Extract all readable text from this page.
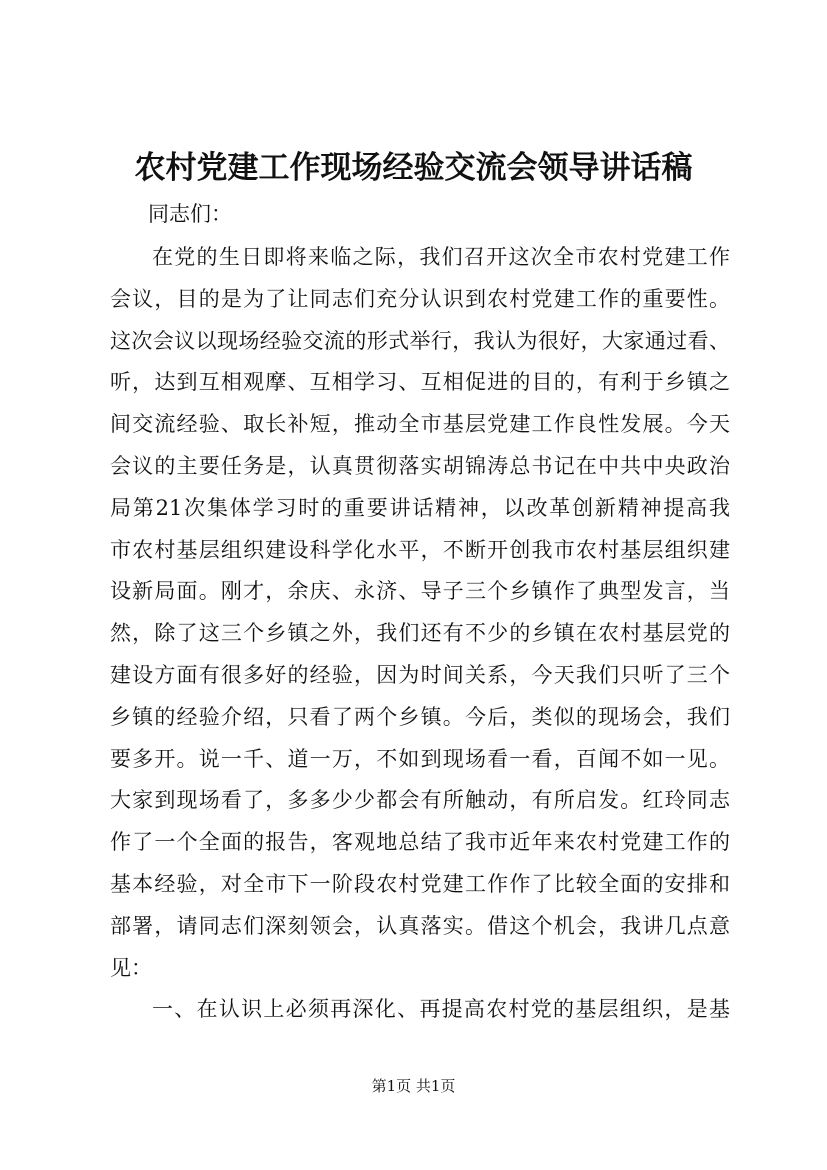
农村党建工作现场经验交流会领导讲话稿

同志们：

在党的生日即将来临之际，我们召开这次全市农村党建工作
会议，目的是为了让同志们充分认识到农村党建工作的重要性。
这次会议以现场经验交流的形式举行，我认为很好，大家通过看、
听，达到互相观摩、互相学习、互相促进的目的，有利于乡镇之
间交流经验、取长补短，推动全市基层党建工作良性发展。今天
会议的主要任务是，认真贯彻落实胡锦涛总书记在中共中央政治
局第21次集体学习时的重要讲话精神，以改革创新精神提高我
市农村基层组织建设科学化水平，不断开创我市农村基层组织建
设新局面。刚才，余庆、永济、导子三个乡镇作了典型发言，当
然，除了这三个乡镇之外，我们还有不少的乡镇在农村基层党的
建设方面有很多好的经验，因为时间关系，今天我们只听了三个
乡镇的经验介绍，只看了两个乡镇。今后，类似的现场会，我们
要多开。说一千、道一万，不如到现场看一看，百闻不如一见。
大家到现场看了，多多少少都会有所触动，有所启发。红玲同志
作了一个全面的报告，客观地总结了我市近年来农村党建工作的
基本经验，对全市下一阶段农村党建工作作了比较全面的安排和
部署，请同志们深刻领会，认真落实。借这个机会，我讲几点意
见：
一、在认识上必须再深化、再提高农村党的基层组织，是基
第1页 共1页
